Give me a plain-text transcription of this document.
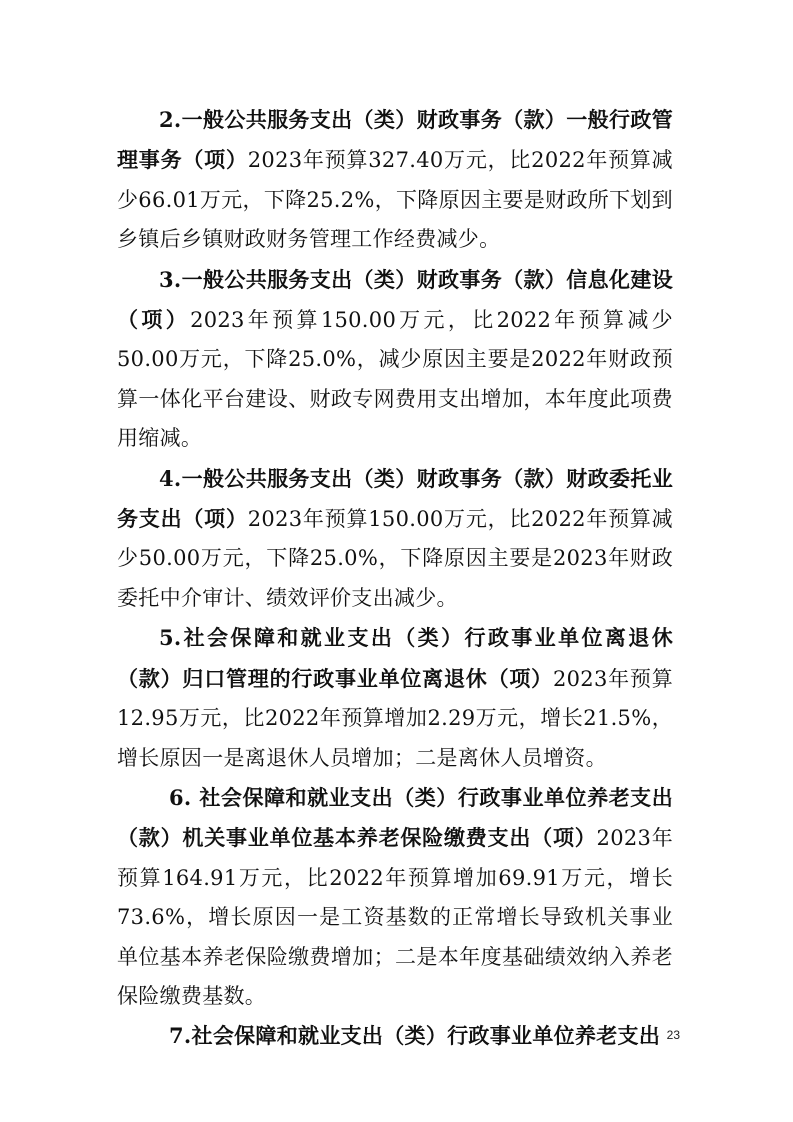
2.一般公共服务支出（类）财政事务（款）一般行政管理事务（项）2023年预算327.40万元，比2022年预算减少66.01万元，下降25.2%，下降原因主要是财政所下划到乡镇后乡镇财政财务管理工作经费减少。

3.一般公共服务支出（类）财政事务（款）信息化建设（项）2023年预算150.00万元，比2022年预算减少50.00万元，下降25.0%，减少原因主要是2022年财政预算一体化平台建设、财政专网费用支出增加，本年度此项费用缩减。

4.一般公共服务支出（类）财政事务（款）财政委托业务支出（项）2023年预算150.00万元，比2022年预算减少50.00万元，下降25.0%，下降原因主要是2023年财政委托中介审计、绩效评价支出减少。

5.社会保障和就业支出（类）行政事业单位离退休（款）归口管理的行政事业单位离退休（项）2023年预算12.95万元，比2022年预算增加2.29万元，增长21.5%，增长原因一是离退休人员增加；二是离休人员增资。

6. 社会保障和就业支出（类）行政事业单位养老支出（款）机关事业单位基本养老保险缴费支出（项）2023年预算164.91万元，比2022年预算增加69.91万元，增长73.6%，增长原因一是工资基数的正常增长导致机关事业单位基本养老保险缴费增加；二是本年度基础绩效纳入养老保险缴费基数。

7.社会保障和就业支出（类）行政事业单位养老支出 23
